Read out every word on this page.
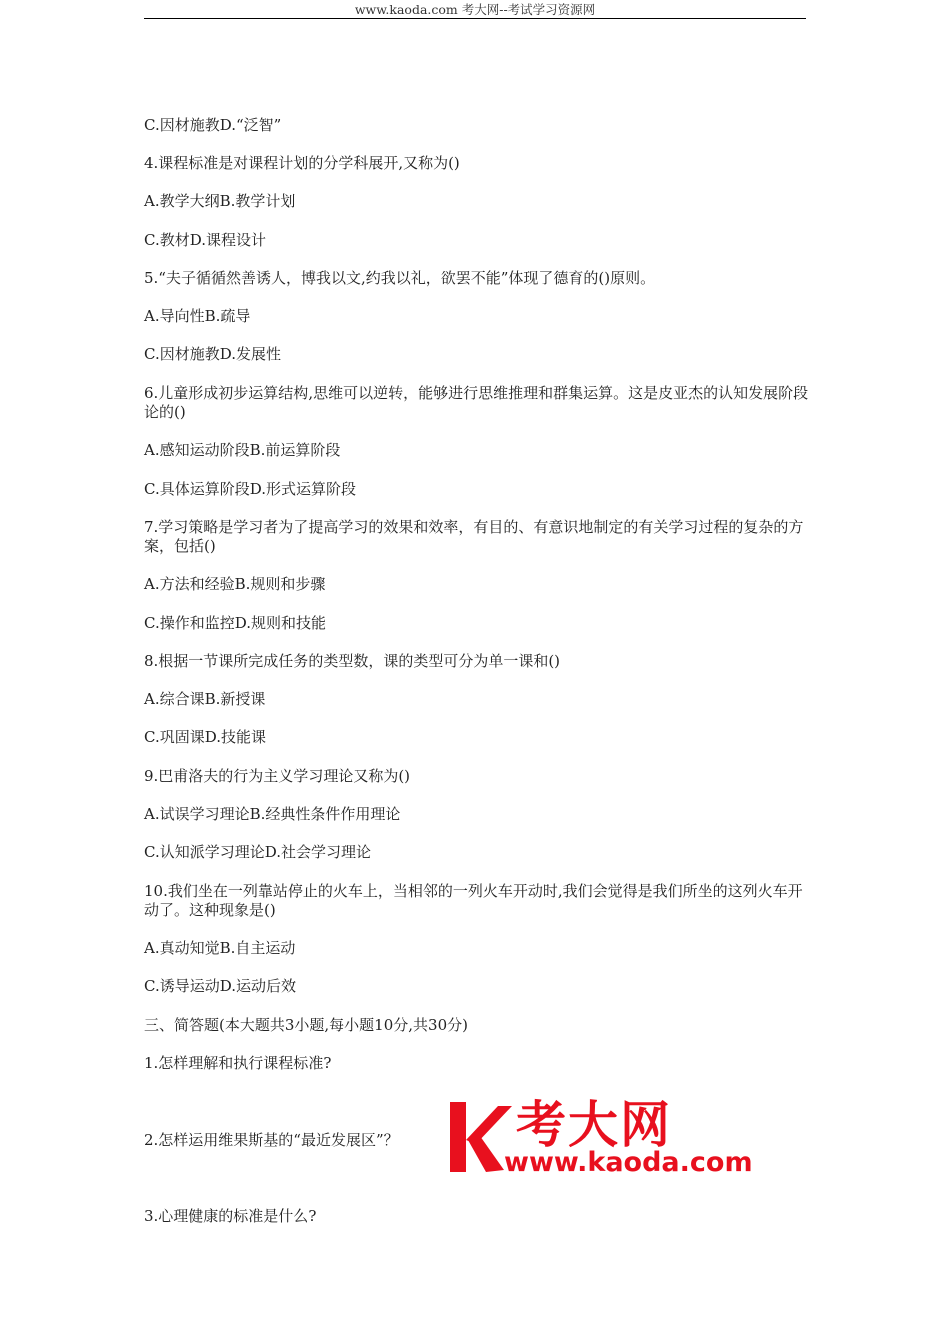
www.kaoda.com 考大网--考试学习资源网
C.因材施教D.“泛智”
4.课程标准是对课程计划的分学科展开,又称为()
A.教学大纲B.教学计划
C.教材D.课程设计
5.“夫子循循然善诱人，博我以文,约我以礼，欲罢不能”体现了德育的()原则。
A.导向性B.疏导
C.因材施教D.发展性
6.儿童形成初步运算结构,思维可以逆转，能够进行思维推理和群集运算。这是皮亚杰的认知发展阶段论的()
A.感知运动阶段B.前运算阶段
C.具体运算阶段D.形式运算阶段
7.学习策略是学习者为了提高学习的效果和效率，有目的、有意识地制定的有关学习过程的复杂的方案，包括()
A.方法和经验B.规则和步骤
C.操作和监控D.规则和技能
8.根据一节课所完成任务的类型数，课的类型可分为单一课和()
A.综合课B.新授课
C.巩固课D.技能课
9.巴甫洛夫的行为主义学习理论又称为()
A.试误学习理论B.经典性条件作用理论
C.认知派学习理论D.社会学习理论
10.我们坐在一列靠站停止的火车上，当相邻的一列火车开动时,我们会觉得是我们所坐的这列火车开动了。这种现象是()
A.真动知觉B.自主运动
C.诱导运动D.运动后效
三、简答题(本大题共3小题,每小题10分,共30分)
1.怎样理解和执行课程标准?
2.怎样运用维果斯基的“最近发展区”？
3.心理健康的标准是什么?
考大网
www.kaoda.com
